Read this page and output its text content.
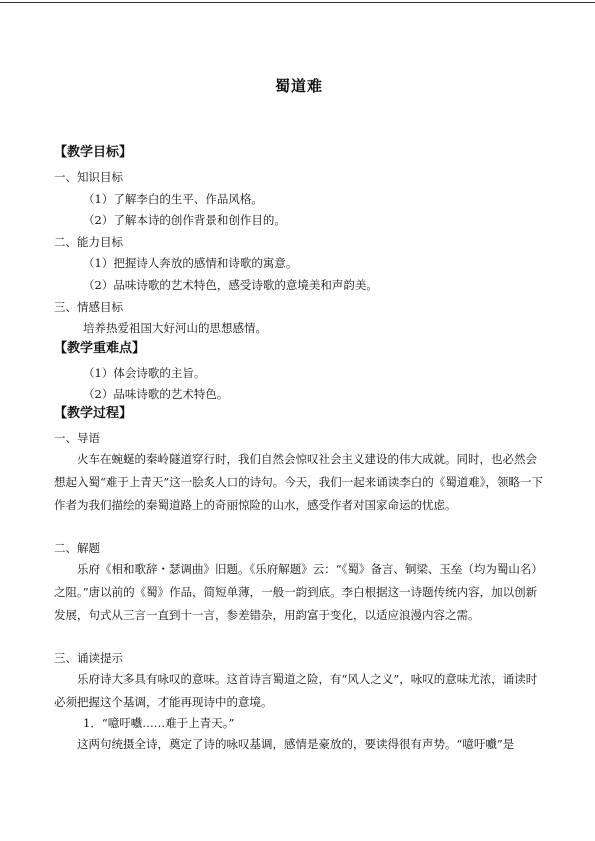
蜀道难
【教学目标】
一、知识目标
（1）了解李白的生平、作品风格。
（2）了解本诗的创作背景和创作目的。
二、能力目标
（1）把握诗人奔放的感情和诗歌的寓意。
（2）品味诗歌的艺术特色，感受诗歌的意境美和声韵美。
三、情感目标
培养热爱祖国大好河山的思想感情。
【教学重难点】
（1）体会诗歌的主旨。
（2）品味诗歌的艺术特色。
【教学过程】
一、导语
火车在蜿蜒的秦岭隧道穿行时，我们自然会惊叹社会主义建设的伟大成就。同时，也必然会想起入蜀“难于上青天”这一脍炙人口的诗句。今天，我们一起来诵读李白的《蜀道难》，领略一下作者为我们描绘的秦蜀道路上的奇丽惊险的山水，感受作者对国家命运的忧虑。
二、解题
乐府《相和歌辞・瑟调曲》旧题。《乐府解题》云：“《蜀》备言、铜梁、玉垒（均为蜀山名）之阻。”唐以前的《蜀》作品，简短单薄，一般一韵到底。李白根据这一诗题传统内容，加以创新发展，句式从三言一直到十一言，参差错杂，用韵富于变化，以适应浪漫内容之需。
三、诵读提示
乐府诗大多具有咏叹的意味。这首诗言蜀道之险，有“风人之义”，咏叹的意味尤浓，诵读时必须把握这个基调，才能再现诗中的意境。
1．“噫吁嚱……难于上青天。”
这两句统摄全诗，奠定了诗的咏叹基调，感情是豪放的，要读得很有声势。“噫吁嚱”是
